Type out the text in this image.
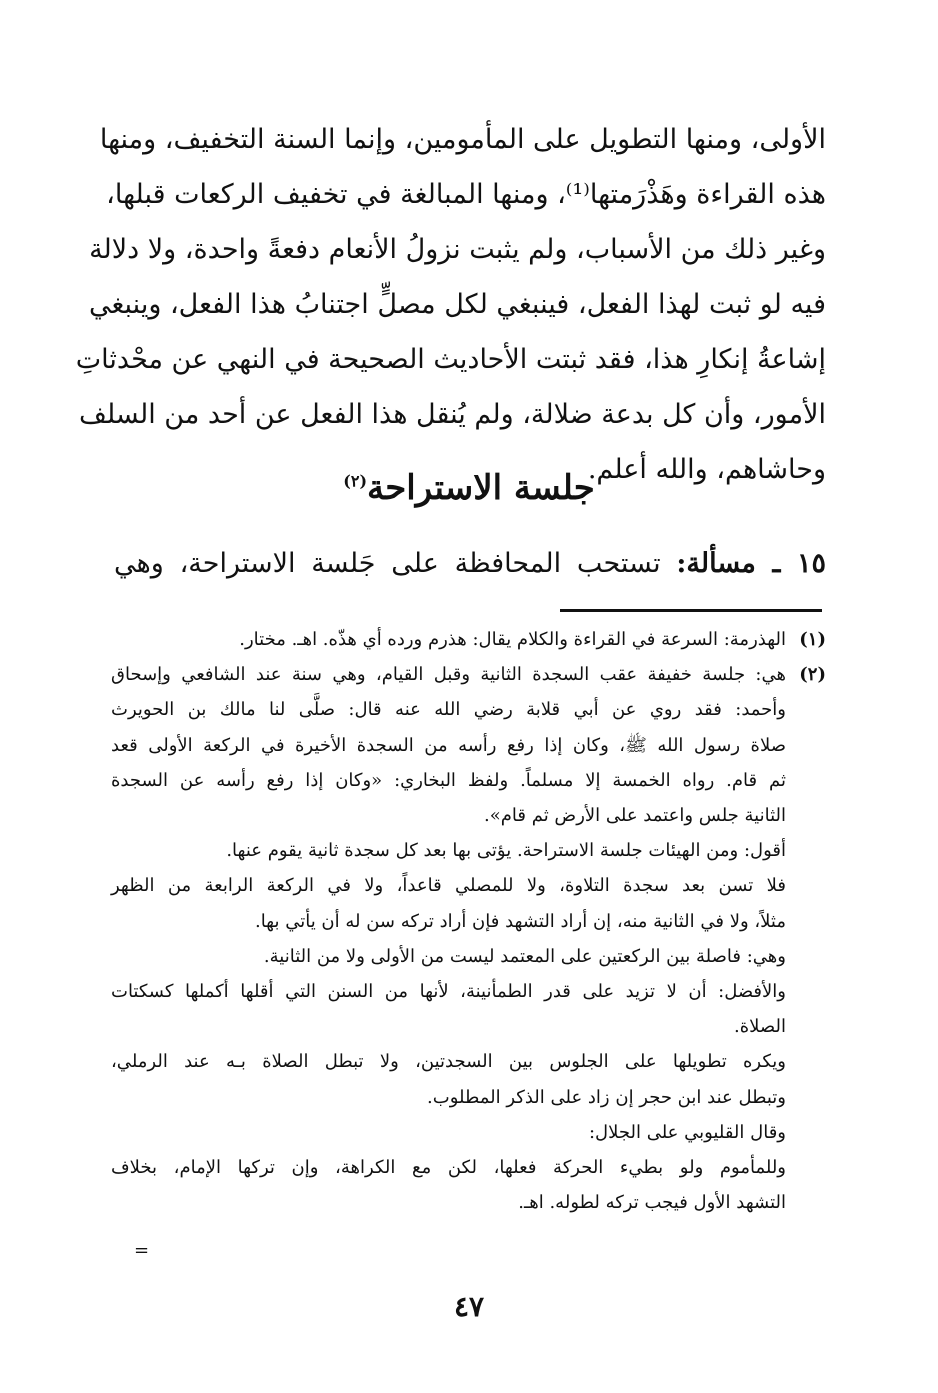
الأولى، ومنها التطويل على المأمومين، وإنما السنة التخفيف، ومنها
هذه القراءة وهَذْرَمتها⁽¹⁾، ومنها المبالغة في تخفيف الركعات قبلها،
وغير ذلك من الأسباب، ولم يثبت نزولُ الأنعام دفعةً واحدة، ولا دلالة
فيه لو ثبت لهذا الفعل، فينبغي لكل مصلٍّ اجتنابُ هذا الفعل، وينبغي
إشاعةُ إنكارِ هذا، فقد ثبتت الأحاديث الصحيحة في النهي عن محْدثاتِ
الأمور، وأن كل بدعة ضلالة، ولم يُنقل هذا الفعل عن أحد من السلف
وحاشاهم، والله أعلم.
جلسة الاستراحة$^{(٢)}$
١٥ ـ مسألة: تستحب المحافظة على جَلسة الاستراحة، وهي
(١)
الهذرمة: السرعة في القراءة والكلام يقال: هذرم ورده أي هذّه. اهـ. مختار.
(٢)
هي: جلسة خفيفة عقب السجدة الثانية وقبل القيام، وهي سنة عند الشافعي وإسحاق
وأحمد: فقد روي عن أبي قلابة رضي الله عنه قال: صلَّى لنا مالك بن الحويرث
صلاة رسول الله ﷺ، وكان إذا رفع رأسه من السجدة الأخيرة في الركعة الأولى قعد
ثم قام. رواه الخمسة إلا مسلماً. ولفظ البخاري: «وكان إذا رفع رأسه عن السجدة
الثانية جلس واعتمد على الأرض ثم قام».
أقول: ومن الهيئات جلسة الاستراحة. يؤتى بها بعد كل سجدة ثانية يقوم عنها.
فلا تسن بعد سجدة التلاوة، ولا للمصلي قاعداً، ولا في الركعة الرابعة من الظهر
مثلاً، ولا في الثانية منه، إن أراد التشهد فإن أراد تركه سن له أن يأتي بها.
وهي: فاصلة بين الركعتين على المعتمد ليست من الأولى ولا من الثانية.
والأفضل: أن لا تزيد على قدر الطمأنينة، لأنها من السنن التي أقلها أكملها كسكتات
الصلاة.
ويكره تطويلها على الجلوس بين السجدتين، ولا تبطل الصلاة بـه عند الرملي،
وتبطل عند ابن حجر إن زاد على الذكر المطلوب.
وقال القليوبي على الجلال:
وللمأموم ولو بطيء الحركة فعلها، لكن مع الكراهة، وإن تركها الإمام، بخلاف
التشهد الأول فيجب تركه لطوله. اهـ.
=
٤٧
